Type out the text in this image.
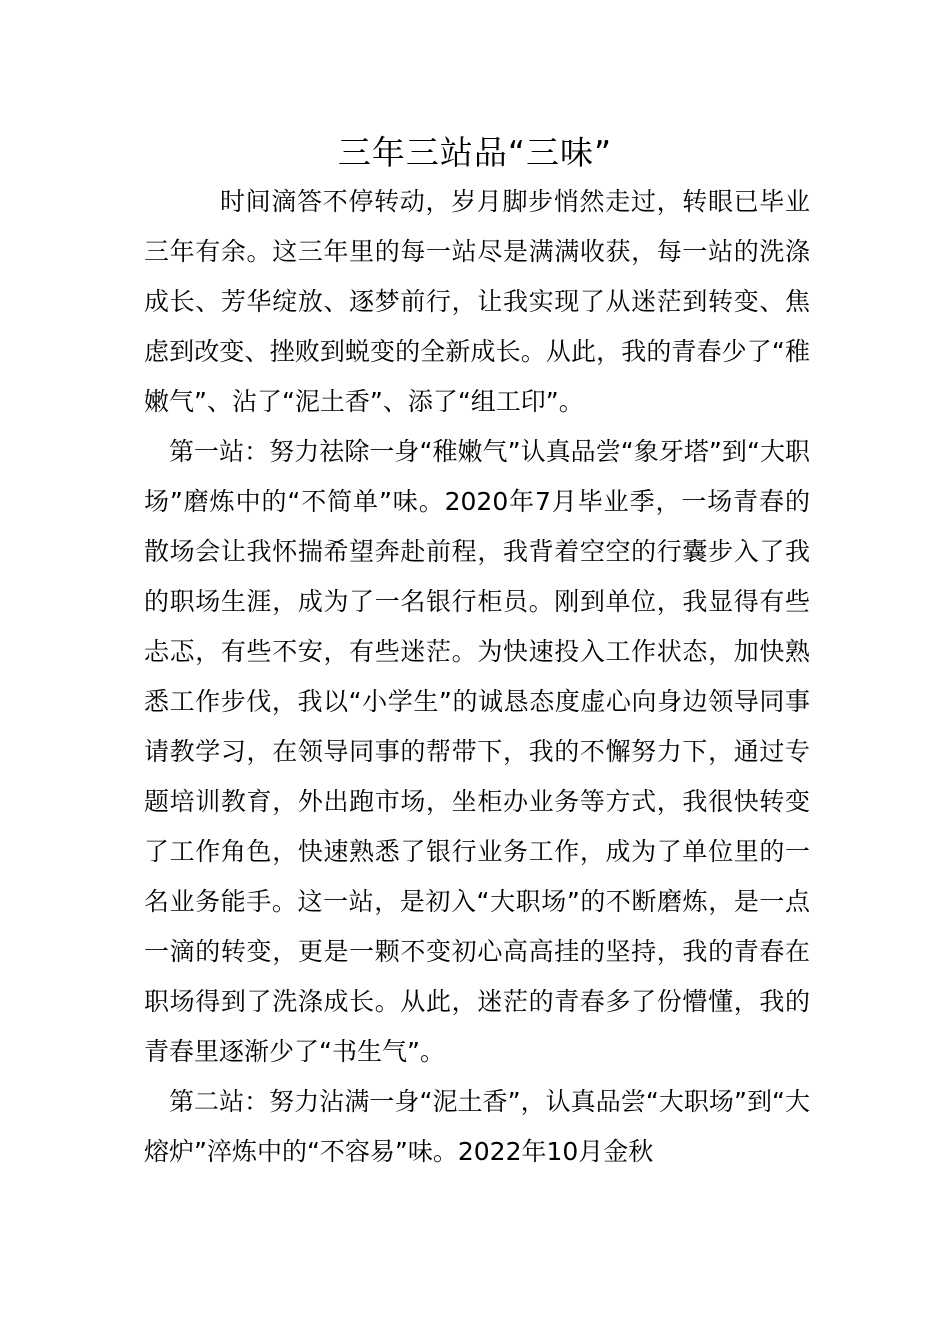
三年三站品“三味”

时间滴答不停转动，岁月脚步悄然走过，转眼已毕业三年有余。这三年里的每一站尽是满满收获，每一站的洗涤成长、芳华绽放、逐梦前行，让我实现了从迷茫到转变、焦虑到改变、挫败到蜕变的全新成长。从此，我的青春少了“稚嫩气”、沾了“泥土香”、添了“组工印”。

第一站：努力祛除一身“稚嫩气”认真品尝“象牙塔”到“大职场”磨炼中的“不简单”味。2020年7月毕业季，一场青春的散场会让我怀揣希望奔赴前程，我背着空空的行囊步入了我的职场生涯，成为了一名银行柜员。刚到单位，我显得有些忐忑，有些不安，有些迷茫。为快速投入工作状态，加快熟悉工作步伐，我以“小学生”的诚恳态度虚心向身边领导同事请教学习，在领导同事的帮带下，我的不懈努力下，通过专题培训教育，外出跑市场，坐柜办业务等方式，我很快转变了工作角色，快速熟悉了银行业务工作，成为了单位里的一名业务能手。这一站，是初入“大职场”的不断磨炼，是一点一滴的转变，更是一颗不变初心高高挂的坚持，我的青春在职场得到了洗涤成长。从此，迷茫的青春多了份懵懂，我的青春里逐渐少了“书生气”。

第二站：努力沾满一身“泥土香”，认真品尝“大职场”到“大熔炉”淬炼中的“不容易”味。2022年10月金秋
